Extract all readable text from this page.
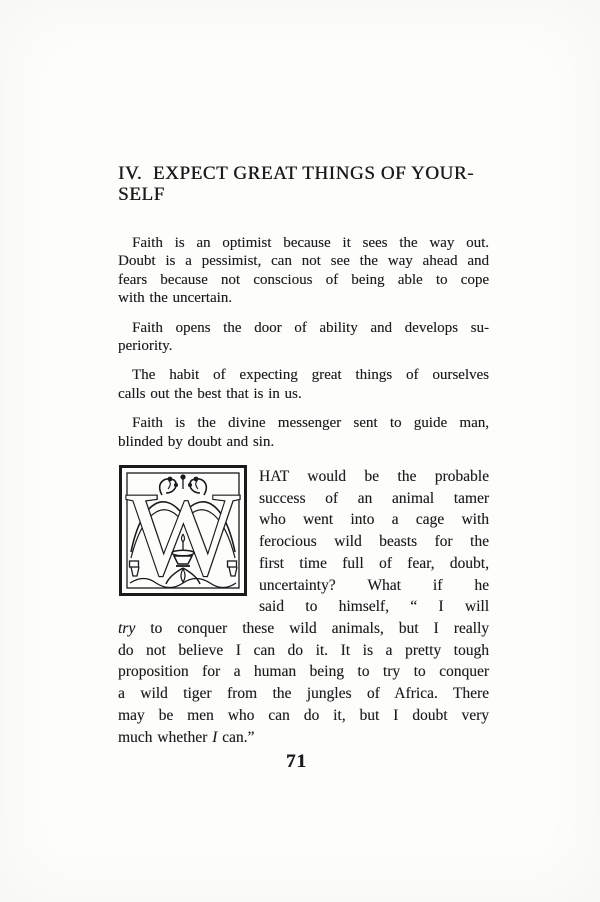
IV.  EXPECT GREAT THINGS OF YOUR-
SELF
Faith is an optimist because it sees the way out.
Doubt is a pessimist, can not see the way ahead and
fears because not conscious of being able to cope
with the uncertain.
Faith opens the door of ability and develops su-
periority.
The habit of expecting great things of ourselves
calls out the best that is in us.
Faith is the divine messenger sent to guide man,
blinded by doubt and sin.
W	HAT would be the probable
success of an animal tamer
who went into a cage with
ferocious wild beasts for the
first time full of fear, doubt,
uncertainty? What if he
said to himself, “ I will
try to conquer these wild animals, but I really
do not believe I can do it. It is a pretty tough
proposition for a human being to try to conquer
a wild tiger from the jungles of Africa. There
may be men who can do it, but I doubt very
much whether I can.”
71
